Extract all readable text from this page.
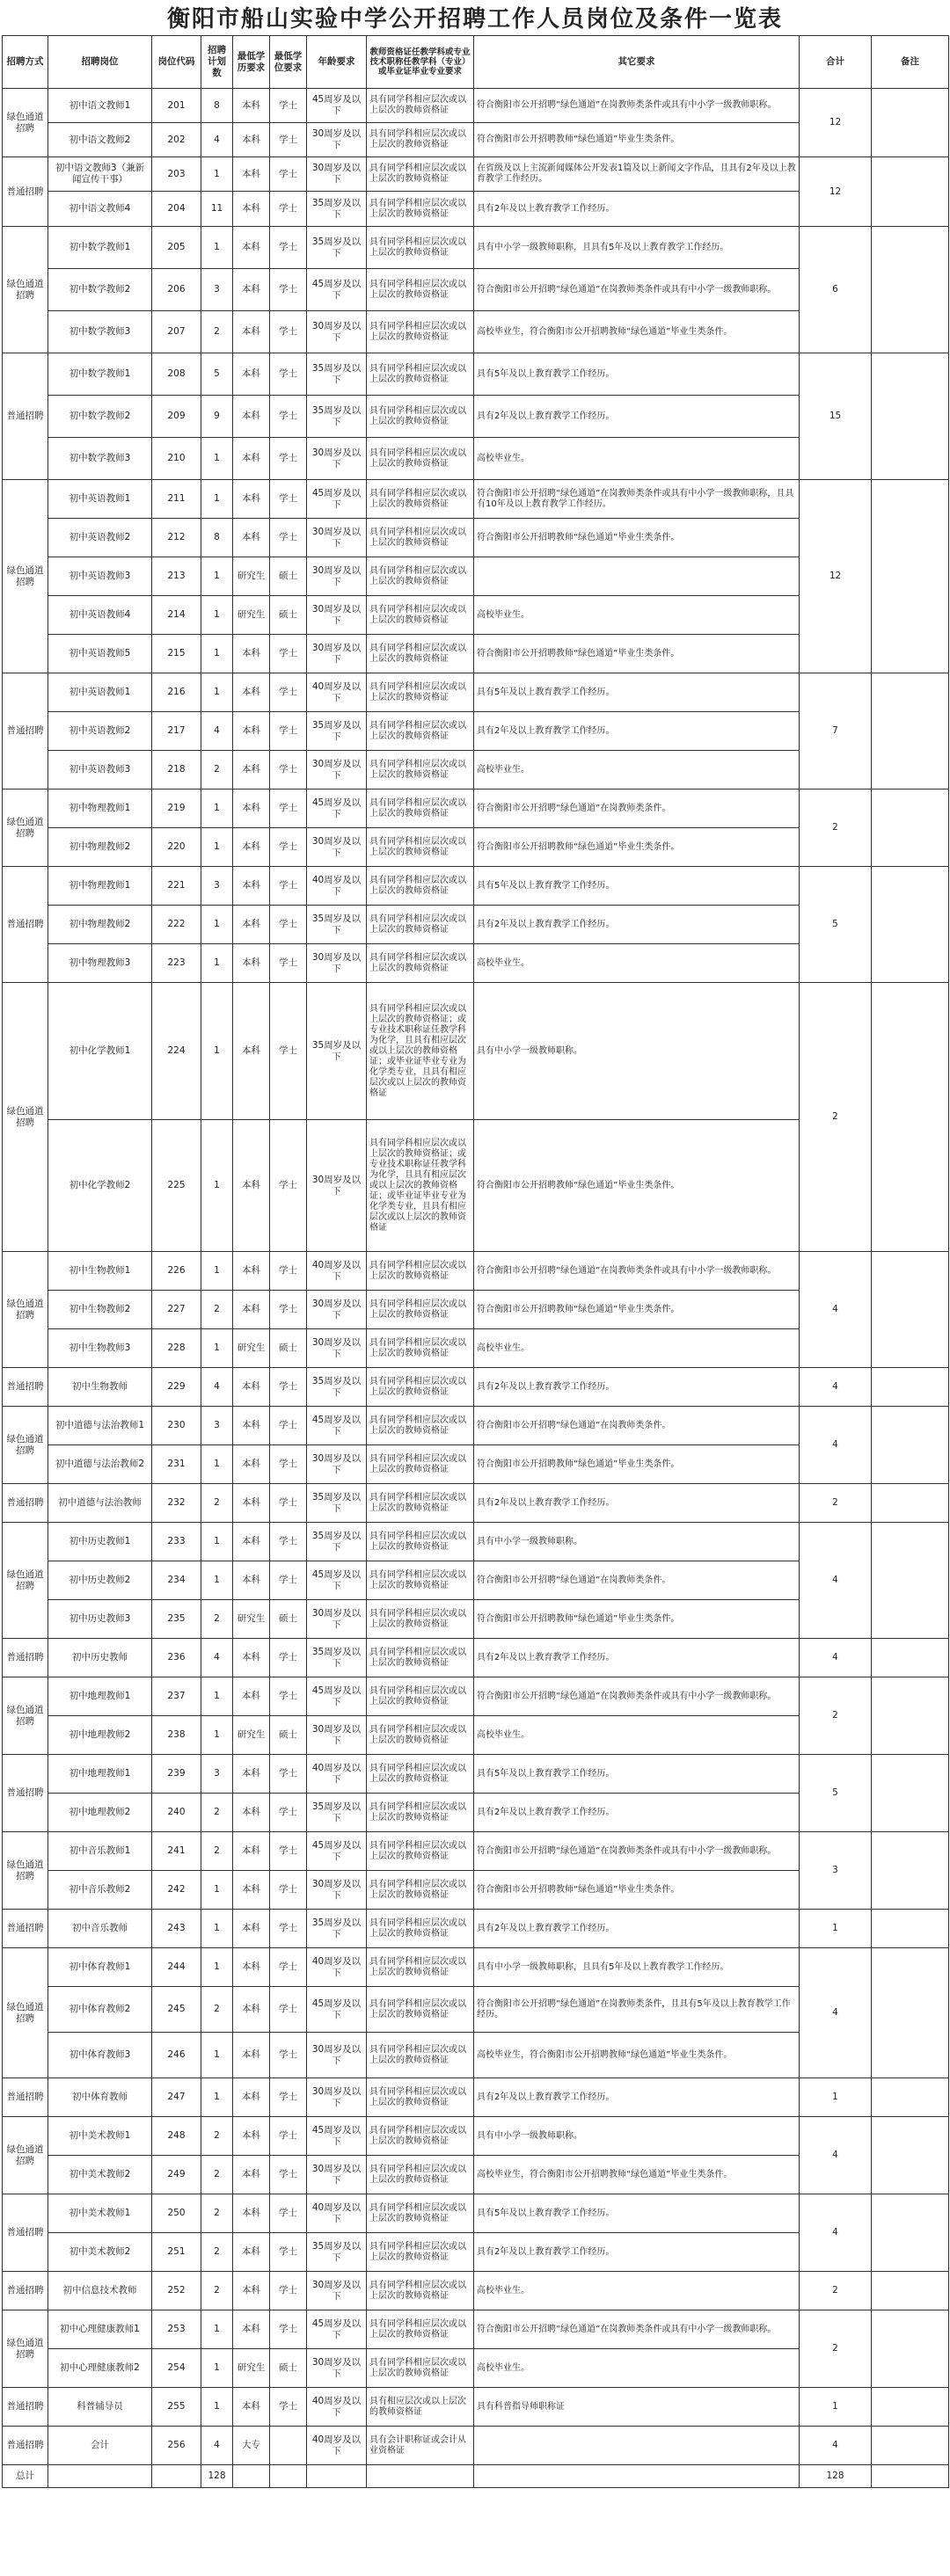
衡阳市船山实验中学公开招聘工作人员岗位及条件一览表
招聘方式	招聘岗位	岗位代码	招聘计划数	最低学历要求	最低学位要求	年龄要求	教师资格证任教学科或专业技术职称任教学科（专业）或毕业证毕业专业要求	其它要求	合计	备注
绿色通道招聘	初中语文教师1	201	8	本科	学士	45周岁及以下	具有同学科相应层次或以上层次的教师资格证	符合衡阳市公开招聘“绿色通道”在岗教师类条件或具有中小学一级教师职称。	12	
	初中语文教师2	202	4	本科	学士	30周岁及以下	具有同学科相应层次或以上层次的教师资格证	符合衡阳市公开招聘教师“绿色通道”毕业生类条件。		
普通招聘	初中语文教师3（兼新闻宣传干事）	203	1	本科	学士	30周岁及以下	具有同学科相应层次或以上层次的教师资格证	在省级及以上主流新闻媒体公开发表1篇及以上新闻文字作品，且具有2年及以上教育教学工作经历。	12	
	初中语文教师4	204	11	本科	学士	35周岁及以下	具有同学科相应层次或以上层次的教师资格证	具有2年及以上教育教学工作经历。		
绿色通道招聘	初中数学教师1	205	1	本科	学士	35周岁及以下	具有同学科相应层次或以上层次的教师资格证	具有中小学一级教师职称，且具有5年及以上教育教学工作经历。	6	
	初中数学教师2	206	3	本科	学士	45周岁及以下	具有同学科相应层次或以上层次的教师资格证	符合衡阳市公开招聘“绿色通道”在岗教师类条件或具有中小学一级教师职称。		
	初中数学教师3	207	2	本科	学士	30周岁及以下	具有同学科相应层次或以上层次的教师资格证	高校毕业生，符合衡阳市公开招聘教师“绿色通道”毕业生类条件。		
普通招聘	初中数学教师1	208	5	本科	学士	35周岁及以下	具有同学科相应层次或以上层次的教师资格证	具有5年及以上教育教学工作经历。	15	
	初中数学教师2	209	9	本科	学士	35周岁及以下	具有同学科相应层次或以上层次的教师资格证	具有2年及以上教育教学工作经历。		
	初中数学教师3	210	1	本科	学士	30周岁及以下	具有同学科相应层次或以上层次的教师资格证	高校毕业生。		
绿色通道招聘	初中英语教师1	211	1	本科	学士	45周岁及以下	具有同学科相应层次或以上层次的教师资格证	符合衡阳市公开招聘“绿色通道”在岗教师类条件或具有中小学一级教师职称，且具有10年及以上教育教学工作经历。	12	
	初中英语教师2	212	8	本科	学士	30周岁及以下	具有同学科相应层次或以上层次的教师资格证	符合衡阳市公开招聘教师“绿色通道”毕业生类条件。		
	初中英语教师3	213	1	研究生	硕士	30周岁及以下	具有同学科相应层次或以上层次的教师资格证			
	初中英语教师4	214	1	研究生	硕士	30周岁及以下	具有同学科相应层次或以上层次的教师资格证	高校毕业生。		
	初中英语教师5	215	1	本科	学士	30周岁及以下	具有同学科相应层次或以上层次的教师资格证	符合衡阳市公开招聘教师“绿色通道”毕业生类条件。		
普通招聘	初中英语教师1	216	1	本科	学士	40周岁及以下	具有同学科相应层次或以上层次的教师资格证	具有5年及以上教育教学工作经历。	7	
	初中英语教师2	217	4	本科	学士	35周岁及以下	具有同学科相应层次或以上层次的教师资格证	具有2年及以上教育教学工作经历。		
	初中英语教师3	218	2	本科	学士	30周岁及以下	具有同学科相应层次或以上层次的教师资格证	高校毕业生。		
绿色通道招聘	初中物理教师1	219	1	本科	学士	45周岁及以下	具有同学科相应层次或以上层次的教师资格证	符合衡阳市公开招聘“绿色通道”在岗教师类条件。	2	
	初中物理教师2	220	1	本科	学士	30周岁及以下	具有同学科相应层次或以上层次的教师资格证	符合衡阳市公开招聘教师“绿色通道”毕业生类条件。		
普通招聘	初中物理教师1	221	3	本科	学士	40周岁及以下	具有同学科相应层次或以上层次的教师资格证	具有5年及以上教育教学工作经历。	5	
	初中物理教师2	222	1	本科	学士	35周岁及以下	具有同学科相应层次或以上层次的教师资格证	具有2年及以上教育教学工作经历。		
	初中物理教师3	223	1	本科	学士	30周岁及以下	具有同学科相应层次或以上层次的教师资格证	高校毕业生。		
绿色通道招聘	初中化学教师1	224	1	本科	学士	35周岁及以下	具有同学科相应层次或以上层次的教师资格证；或专业技术职称证任教学科为化学，且具有相应层次或以上层次的教师资格证；或毕业证毕业专业为化学类专业，且具有相应层次或以上层次的教师资格证	具有中小学一级教师职称。	2	
	初中化学教师2	225	1	本科	学士	30周岁及以下	具有同学科相应层次或以上层次的教师资格证；或专业技术职称证任教学科为化学，且具有相应层次或以上层次的教师资格证；或毕业证毕业专业为化学类专业，且具有相应层次或以上层次的教师资格证	符合衡阳市公开招聘教师“绿色通道”毕业生类条件。		
绿色通道招聘	初中生物教师1	226	1	本科	学士	40周岁及以下	具有同学科相应层次或以上层次的教师资格证	符合衡阳市公开招聘“绿色通道”在岗教师类条件或具有中小学一级教师职称。	4	
	初中生物教师2	227	2	本科	学士	30周岁及以下	具有同学科相应层次或以上层次的教师资格证	符合衡阳市公开招聘教师“绿色通道”毕业生类条件。		
	初中生物教师3	228	1	研究生	硕士	30周岁及以下	具有同学科相应层次或以上层次的教师资格证	高校毕业生。		
普通招聘	初中生物教师	229	4	本科	学士	35周岁及以下	具有同学科相应层次或以上层次的教师资格证	具有2年及以上教育教学工作经历。	4	
绿色通道招聘	初中道德与法治教师1	230	3	本科	学士	45周岁及以下	具有同学科相应层次或以上层次的教师资格证	符合衡阳市公开招聘“绿色通道”在岗教师类条件。	4	
	初中道德与法治教师2	231	1	本科	学士	30周岁及以下	具有同学科相应层次或以上层次的教师资格证	符合衡阳市公开招聘教师“绿色通道”毕业生类条件。		
普通招聘	初中道德与法治教师	232	2	本科	学士	35周岁及以下	具有同学科相应层次或以上层次的教师资格证	具有2年及以上教育教学工作经历。	2	
绿色通道招聘	初中历史教师1	233	1	本科	学士	35周岁及以下	具有同学科相应层次或以上层次的教师资格证	具有中小学一级教师职称。	4	
	初中历史教师2	234	1	本科	学士	45周岁及以下	具有同学科相应层次或以上层次的教师资格证	符合衡阳市公开招聘“绿色通道”在岗教师类条件。		
	初中历史教师3	235	2	研究生	硕士	30周岁及以下	具有同学科相应层次或以上层次的教师资格证	符合衡阳市公开招聘教师“绿色通道”毕业生类条件。		
普通招聘	初中历史教师	236	4	本科	学士	35周岁及以下	具有同学科相应层次或以上层次的教师资格证	具有2年及以上教育教学工作经历。	4	
绿色通道招聘	初中地理教师1	237	1	本科	学士	45周岁及以下	具有同学科相应层次或以上层次的教师资格证	符合衡阳市公开招聘“绿色通道”在岗教师类条件或具有中小学一级教师职称。	2	
	初中地理教师2	238	1	研究生	硕士	30周岁及以下	具有同学科相应层次或以上层次的教师资格证	高校毕业生。		
普通招聘	初中地理教师1	239	3	本科	学士	40周岁及以下	具有同学科相应层次或以上层次的教师资格证	具有5年及以上教育教学工作经历。	5	
	初中地理教师2	240	2	本科	学士	35周岁及以下	具有同学科相应层次或以上层次的教师资格证	具有2年及以上教育教学工作经历。		
绿色通道招聘	初中音乐教师1	241	2	本科	学士	45周岁及以下	具有同学科相应层次或以上层次的教师资格证	符合衡阳市公开招聘“绿色通道”在岗教师类条件或具有中小学一级教师职称。	3	
	初中音乐教师2	242	1	本科	学士	30周岁及以下	具有同学科相应层次或以上层次的教师资格证	符合衡阳市公开招聘教师“绿色通道”毕业生类条件。		
普通招聘	初中音乐教师	243	1	本科	学士	35周岁及以下	具有同学科相应层次或以上层次的教师资格证	具有2年及以上教育教学工作经历。	1	
绿色通道招聘	初中体育教师1	244	1	本科	学士	40周岁及以下	具有同学科相应层次或以上层次的教师资格证	具有中小学一级教师职称，且具有5年及以上教育教学工作经历。	4	
	初中体育教师2	245	2	本科	学士	45周岁及以下	具有同学科相应层次或以上层次的教师资格证	符合衡阳市公开招聘“绿色通道”在岗教师类条件，且具有5年及以上教育教学工作经历。		
	初中体育教师3	246	1	本科	学士	30周岁及以下	具有同学科相应层次或以上层次的教师资格证	高校毕业生，符合衡阳市公开招聘教师“绿色通道”毕业生类条件。		
普通招聘	初中体育教师	247	1	本科	学士	30周岁及以下	具有同学科相应层次或以上层次的教师资格证	具有2年及以上教育教学工作经历。	1	
绿色通道招聘	初中美术教师1	248	2	本科	学士	45周岁及以下	具有同学科相应层次或以上层次的教师资格证	具有中小学一级教师职称。	4	
	初中美术教师2	249	2	本科	学士	30周岁及以下	具有同学科相应层次或以上层次的教师资格证	高校毕业生，符合衡阳市公开招聘教师“绿色通道”毕业生类条件。		
普通招聘	初中美术教师1	250	2	本科	学士	40周岁及以下	具有同学科相应层次或以上层次的教师资格证	具有5年及以上教育教学工作经历。	4	
	初中美术教师2	251	2	本科	学士	35周岁及以下	具有同学科相应层次或以上层次的教师资格证	具有2年及以上教育教学工作经历。		
普通招聘	初中信息技术教师	252	2	本科	学士	30周岁及以下	具有同学科相应层次或以上层次的教师资格证	高校毕业生。	2	
绿色通道招聘	初中心理健康教师1	253	1	本科	学士	45周岁及以下	具有同学科相应层次或以上层次的教师资格证	符合衡阳市公开招聘“绿色通道”在岗教师类条件或具有中小学一级教师职称。	2	
	初中心理健康教师2	254	1	研究生	硕士	30周岁及以下	具有同学科相应层次或以上层次的教师资格证	高校毕业生。		
普通招聘	科普辅导员	255	1	本科	学士	40周岁及以下	具有相应层次或以上层次的教师资格证	具有科普指导师职称证	1	
普通招聘	会计	256	4	大专		40周岁及以下	具有会计职称证或会计从业资格证		4	
总计			128						128	
